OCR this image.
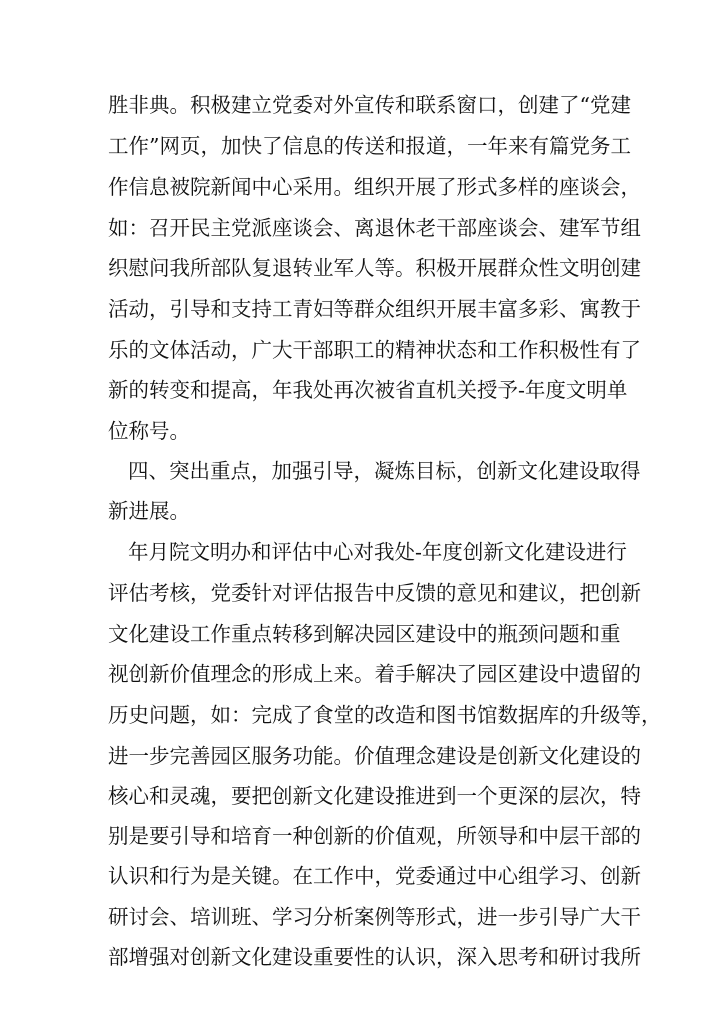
胜非典。积极建立党委对外宣传和联系窗口，创建了“党建
工作”网页，加快了信息的传送和报道，一年来有篇党务工
作信息被院新闻中心采用。组织开展了形式多样的座谈会，
如：召开民主党派座谈会、离退休老干部座谈会、建军节组
织慰问我所部队复退转业军人等。积极开展群众性文明创建
活动，引导和支持工青妇等群众组织开展丰富多彩、寓教于
乐的文体活动，广大干部职工的精神状态和工作积极性有了
新的转变和提高，年我处再次被省直机关授予-年度文明单
位称号。
四、突出重点，加强引导，凝炼目标，创新文化建设取得
新进展。
年月院文明办和评估中心对我处-年度创新文化建设进行
评估考核，党委针对评估报告中反馈的意见和建议，把创新
文化建设工作重点转移到解决园区建设中的瓶颈问题和重
视创新价值理念的形成上来。着手解决了园区建设中遗留的
历史问题，如：完成了食堂的改造和图书馆数据库的升级等，
进一步完善园区服务功能。价值理念建设是创新文化建设的
核心和灵魂，要把创新文化建设推进到一个更深的层次，特
别是要引导和培育一种创新的价值观，所领导和中层干部的
认识和行为是关键。在工作中，党委通过中心组学习、创新
研讨会、培训班、学习分析案例等形式，进一步引导广大干
部增强对创新文化建设重要性的认识，深入思考和研讨我所
